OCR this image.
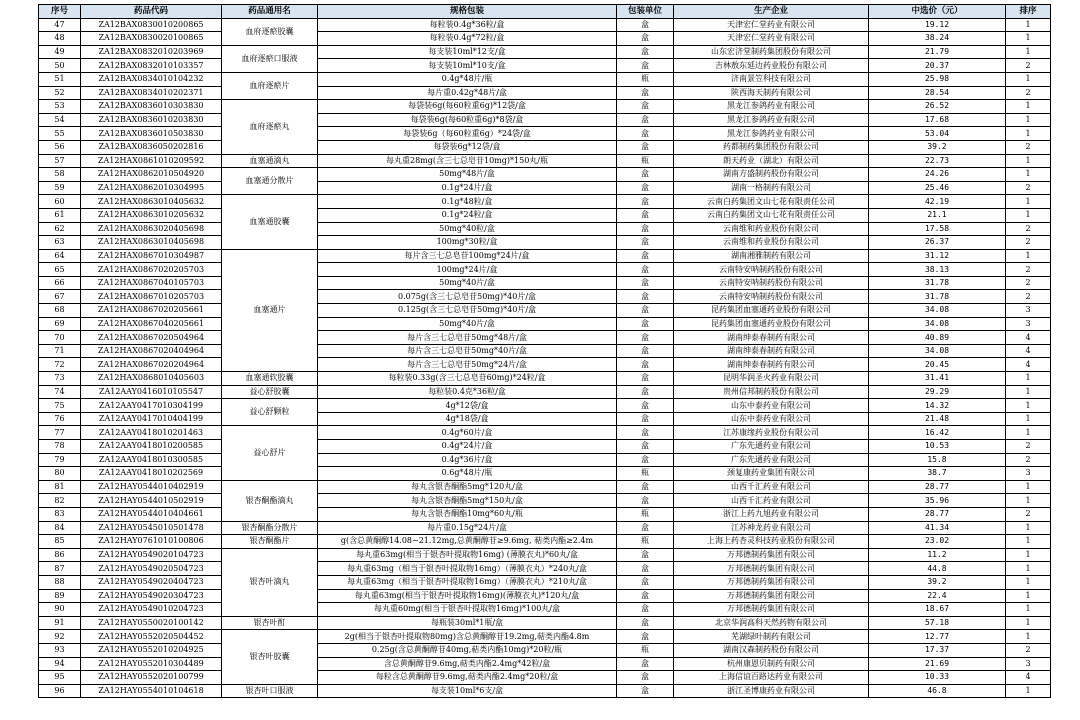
序号	药品代码	药品通用名	规格包装	包装单位	生产企业	中选价（元）	排序
47	ZA12BAX0830010200865	血府逐瘀胶囊	每粒装0.4g*36粒/盒	盒	天津宏仁堂药业有限公司	19.12	1
48	ZA12BAX0830020100865		每粒装0.4g*72粒/盒	盒	天津宏仁堂药业有限公司	38.24	1
49	ZA12BAX0832010203969	血府逐瘀口服液	每支装10ml*12支/盒	盒	山东宏济堂制药集团股份有限公司	21.79	1
50	ZA12BAX0832010103357		每支装10ml*10支/盒	盒	吉林敖东延边药业股份有限公司	20.37	2
51	ZA12BAX0834010104232	血府逐瘀片	0.4g*48片/瓶	瓶	济南景笠科技有限公司	25.98	1
52	ZA12BAX0834010202371		每片重0.42g*48片/盒	盒	陕西海天制药有限公司	28.54	2
53	ZA12BAX0836010303830	血府逐瘀丸	每袋装6g(每60粒重6g)*12袋/盒	盒	黑龙江参鸽药业有限公司	26.52	1
54	ZA12BAX0836010203830		每袋装6g(每60粒重6g)*8袋/盒	盒	黑龙江参鸽药业有限公司	17.68	1
55	ZA12BAX0836010503830		每袋装6g（每60粒重6g）*24袋/盒	盒	黑龙江参鸽药业有限公司	53.04	1
56	ZA12BAX0836050202816		每袋装6g*12袋/盒	盒	药都制药集团股份有限公司	39.2	2
57	ZA12HAX0861010209592	血塞通滴丸	每丸重28mg(含三七总皂苷10mg)*150丸/瓶	瓶	朗天药业（湖北）有限公司	22.73	1
58	ZA12HAX0862010504920	血塞通分散片	50mg*48片/盒	盒	湖南方盛制药股份有限公司	24.26	1
59	ZA12HAX0862010304995		0.1g*24片/盒	盒	湖南一格制药有限公司	25.46	2
60	ZA12HAX0863010405632	血塞通胶囊	0.1g*48粒/盒	盒	云南白药集团文山七花有限责任公司	42.19	1
61	ZA12HAX0863010205632		0.1g*24粒/盒	盒	云南白药集团文山七花有限责任公司	21.1	1
62	ZA12HAX0863020405698		50mg*40粒/盒	盒	云南维和药业股份有限公司	17.58	2
63	ZA12HAX0863010405698		100mg*30粒/盒	盒	云南维和药业股份有限公司	26.37	2
64	ZA12HAX0867010304987	血塞通片	每片含三七总皂苷100mg*24片/盒	盒	湖南湘雅制药有限公司	31.12	1
65	ZA12HAX0867020205703		100mg*24片/盒	盒	云南特安呐制药股份有限公司	38.13	2
66	ZA12HAX0867040105703		50mg*40片/盒	盒	云南特安呐制药股份有限公司	31.78	2
67	ZA12HAX0867010205703		0.075g(含三七总皂苷50mg)*40片/盒	盒	云南特安呐制药股份有限公司	31.78	2
68	ZA12HAX0867020205661		0.125g(含三七总皂苷50mg)*40片/盒	盒	昆药集团血塞通药业股份有限公司	34.08	3
69	ZA12HAX0867040205661		50mg*40片/盒	盒	昆药集团血塞通药业股份有限公司	34.08	3
70	ZA12HAX0867020504964		每片含三七总皂苷50mg*48片/盒	盒	湖南绅泰春制药有限公司	40.89	4
71	ZA12HAX0867020404964		每片含三七总皂苷50mg*40片/盒	盒	湖南绅泰春制药有限公司	34.08	4
72	ZA12HAX0867020204964		每片含三七总皂苷50mg*24片/盒	盒	湖南绅泰春制药有限公司	20.45	4
73	ZA12HAX0868010405603	血塞通软胶囊	每粒装0.33g(含三七总皂苷60mg)*24粒/盒	盒	昆明华润圣火药业有限公司	31.41	1
74	ZA12AAY0416010105547	益心舒胶囊	每粒装0.4克*36粒/盒	盒	贵州信邦制药股份有限公司	29.29	1
75	ZA12AAY0417010304199	益心舒颗粒	4g*12袋/盒	盒	山东中泰药业有限公司	14.32	1
76	ZA12AAY0417010404199		4g*18袋/盒	盒	山东中泰药业有限公司	21.48	1
77	ZA12AAY0418010201463	益心舒片	0.4g*60片/盒	盒	江苏康缘药业股份有限公司	16.42	1
78	ZA12AAY0418010200585		0.4g*24片/盒	盒	广东先通药业有限公司	10.53	2
79	ZA12AAY0418010300585		0.4g*36片/盒	盒	广东先通药业有限公司	15.8	2
80	ZA12AAY0418010202569		0.6g*48片/瓶	瓶	颈复康药业集团有限公司	38.7	3
81	ZA12HAY0544010402919	银杏酮酯滴丸	每丸含银杏酮酯5mg*120丸/盒	盒	山西千汇药业有限公司	28.77	1
82	ZA12HAY0544010502919		每丸含银杏酮酯5mg*150丸/盒	盒	山西千汇药业有限公司	35.96	1
83	ZA12HAY0544010404661		每丸含银杏酮酯10mg*60丸/瓶	瓶	浙江上药九旭药业有限公司	28.77	2
84	ZA12HAY0545010501478	银杏酮酯分散片	每片重0.15g*24片/盒	盒	江苏神龙药业有限公司	41.34	1
85	ZA12HAY0761010100806	银杏酮酯片	g(含总黄酮醇14.08~21.12mg,总黄酮醇苷≥9.6mg, 萜类内酯≥2.4m	瓶	上海上药杏灵科技药业股份有限公司	23.02	1
86	ZA12HAY0549020104723	银杏叶滴丸	每丸重63mg(相当于银杏叶提取物16mg) (薄膜衣丸)*60丸/盒	盒	万邦德制药集团有限公司	11.2	1
87	ZA12HAY0549020504723		每丸重63mg（相当于银杏叶提取物16mg）（薄膜衣丸）*240丸/盒	盒	万邦德制药集团有限公司	44.8	1
88	ZA12HAY0549020404723		每丸重63mg（相当于银杏叶提取物16mg）（薄膜衣丸）*210丸/盒	盒	万邦德制药集团有限公司	39.2	1
89	ZA12HAY0549020304723		每丸重63mg(相当于银杏叶提取物16mg)(薄膜衣丸)*120丸/盒	盒	万邦德制药集团有限公司	22.4	1
90	ZA12HAY0549010204723		每丸重60mg(相当于银杏叶提取物16mg)*100丸/盒	盒	万邦德制药集团有限公司	18.67	1
91	ZA12HAY0550020100142	银杏叶酊	每瓶装30ml*1瓶/盒	盒	北京华润高科天然药物有限公司	57.18	1
92	ZA12HAY0552020504452	银杏叶胶囊	2g(相当于银杏叶提取物80mg)含总黄酮醇苷19.2mg,萜类内酯4.8m	盒	芜湖绿叶制药有限公司	12.77	1
93	ZA12HAY0552010204925		0.25g(含总黄酮醇苷40mg,萜类内酯10mg)*20粒/瓶	瓶	湖南汉森制药股份有限公司	17.37	2
94	ZA12HAY0552010304489		含总黄酮醇苷9.6mg,萜类内酯2.4mg*42粒/盒	盒	杭州康恩贝制药有限公司	21.69	3
95	ZA12HAY0552020100799		每粒含总黄酮醇苷9.6mg,萜类内酯2.4mg*20粒/盒	盒	上海信谊百路达药业有限公司	10.33	4
96	ZA12HAY0554010104618	银杏叶口服液	每支装10ml*6支/盒	盒	浙江圣博康药业有限公司	46.8	1
